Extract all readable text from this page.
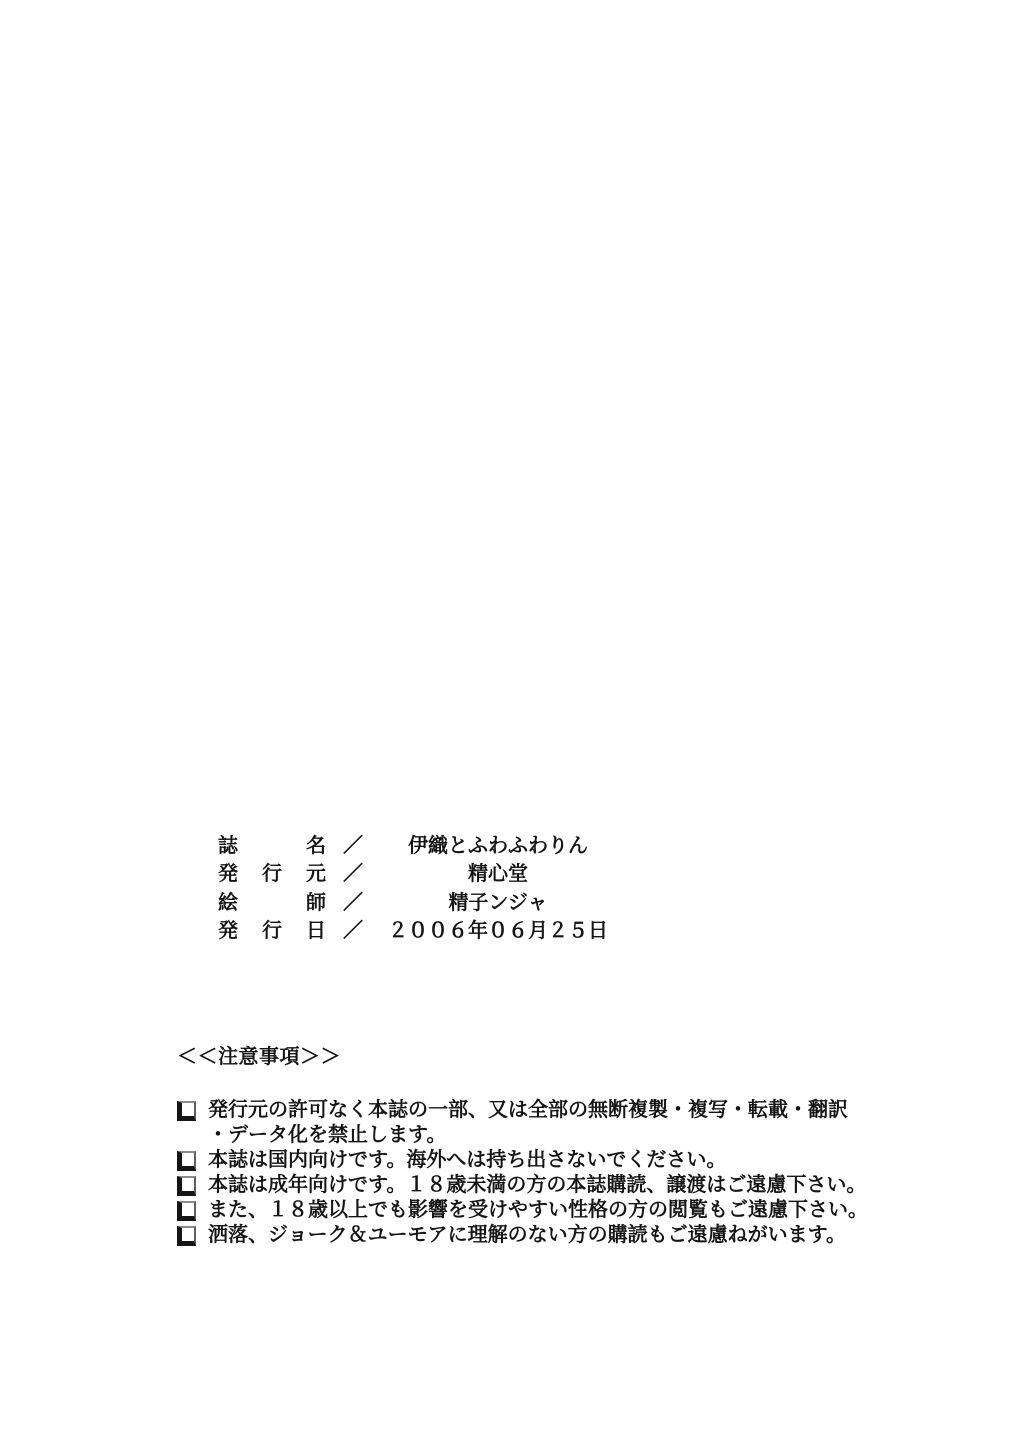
誌名 ／	伊織とふわふわりん
発行元 ／	精心堂
絵師 ／	精子ンジャ
発行日 ／	２００６年０６月２５日
＜＜注意事項＞＞
発行元の許可なく本誌の一部、又は全部の無断複製・複写・転載・翻訳
・データ化を禁止します。
本誌は国内向けです。海外へは持ち出さないでください。
本誌は成年向けです。１８歳未満の方の本誌購読、譲渡はご遠慮下さい。
また、１８歳以上でも影響を受けやすい性格の方の閲覧もご遠慮下さい。
洒落、ジョーク＆ユーモアに理解のない方の購読もご遠慮ねがいます。
